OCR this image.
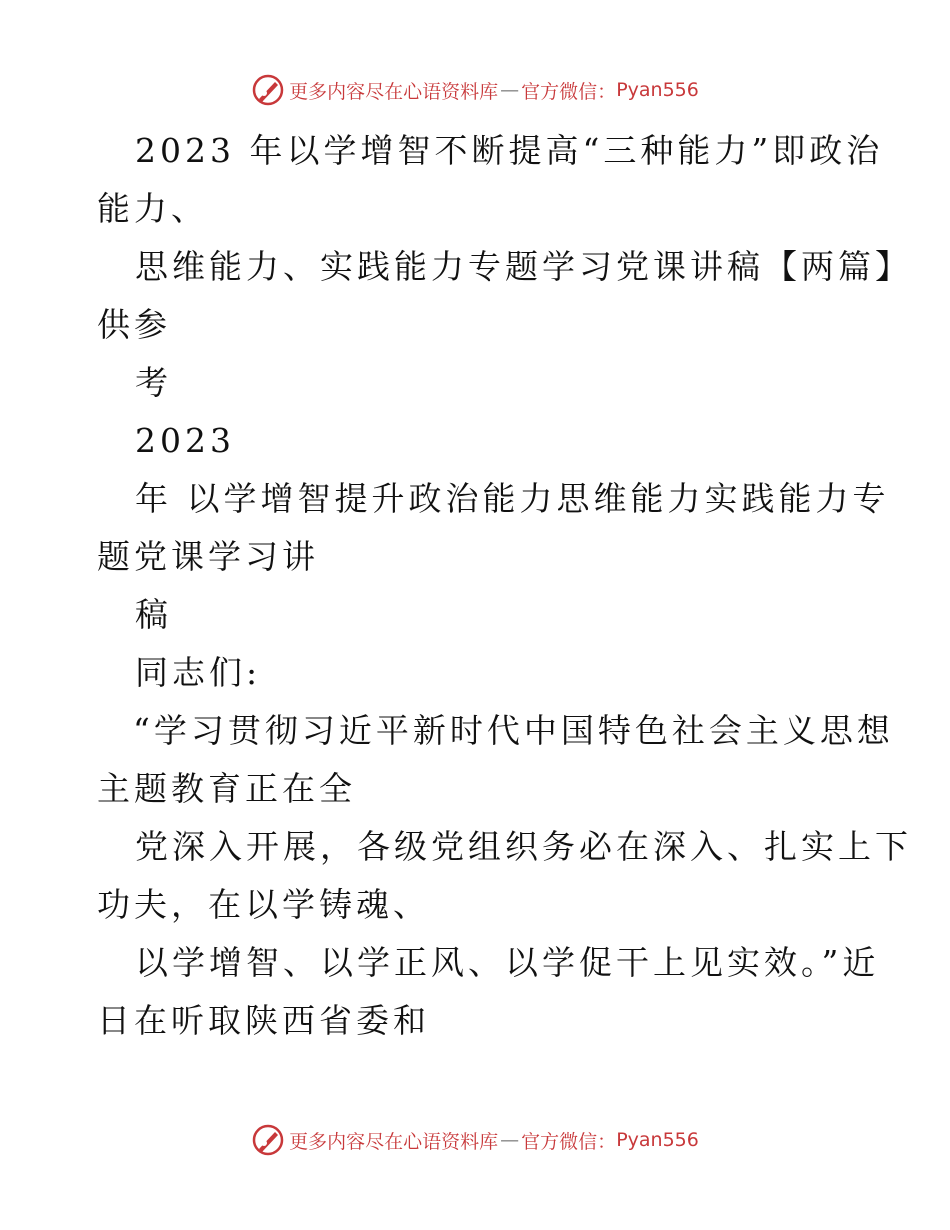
更多内容尽在心语资料库 — 官方微信： Pyan556
2023 年以学增智不断提高“三种能力”即政治
能力、
思维能力、实践能力专题学习党课讲稿【两篇】
供参
考
2023
年 以学增智提升政治能力思维能力实践能力专
题党课学习讲
稿
同志们:
“学习贯彻习近平新时代中国特色社会主义思想
主题教育正在全
党深入开展，各级党组织务必在深入、扎实上下
功夫，在以学铸魂、
以学增智、以学正风、以学促干上见实效。”近
日在听取陕西省委和
更多内容尽在心语资料库 — 官方微信： Pyan556
